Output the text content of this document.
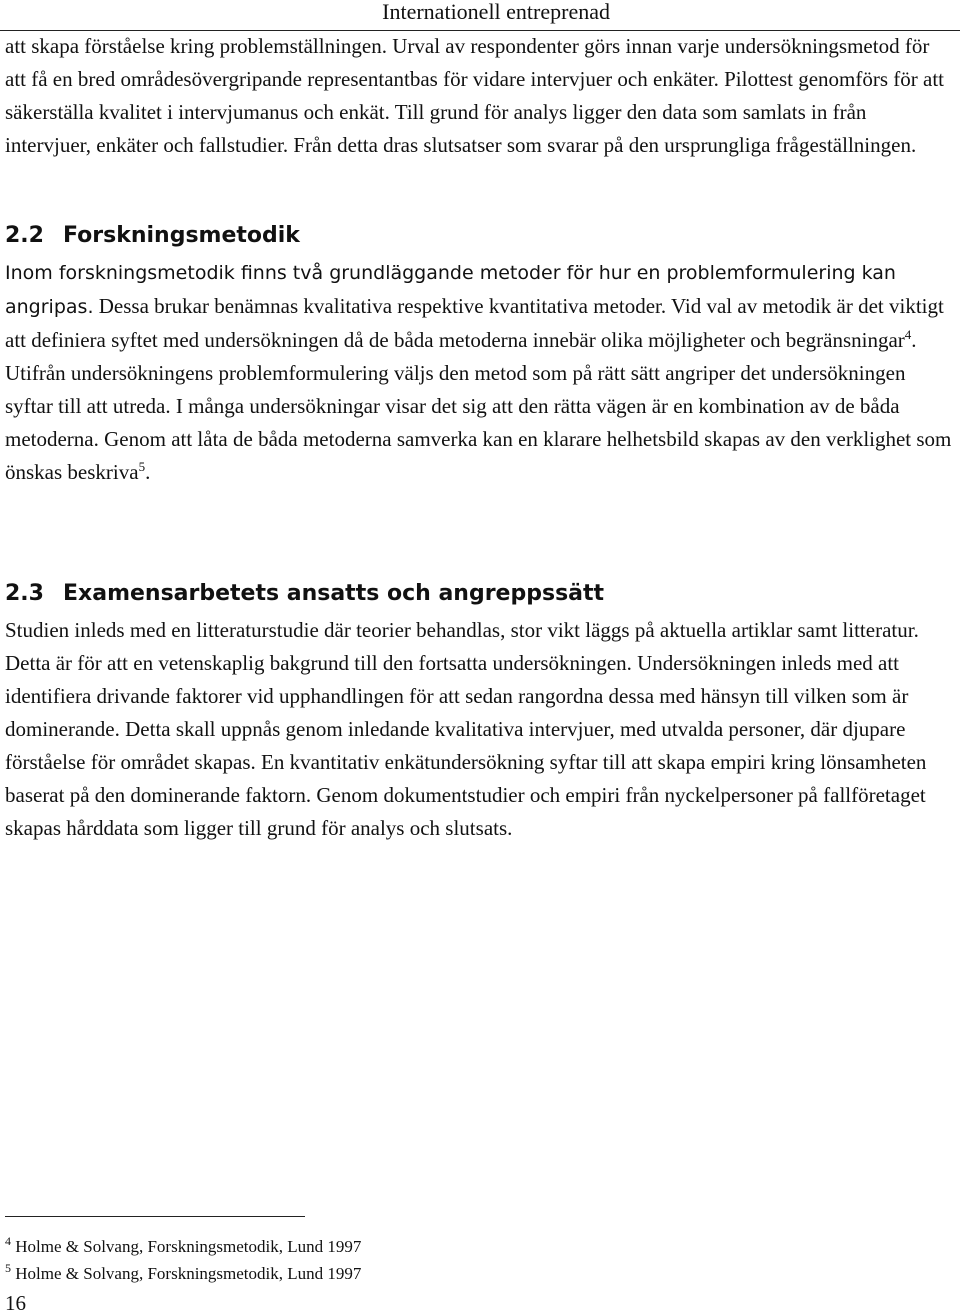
Internationell entreprenad

att skapa förståelse kring problemställningen. Urval av respondenter görs innan varje undersökningsmetod för att få en bred områdesövergripande representantbas för vidare intervjuer och enkäter. Pilottest genomförs för att säkerställa kvalitet i intervjumanus och enkät. Till grund för analys ligger den data som samlats in från intervjuer, enkäter och fallstudier. Från detta dras slutsatser som svarar på den ursprungliga frågeställningen.

2.2 Forskningsmetodik

Inom forskningsmetodik finns två grundläggande metoder för hur en problemformulering kan angripas. Dessa brukar benämnas kvalitativa respektive kvantitativa metoder. Vid val av metodik är det viktigt att definiera syftet med undersökningen då de båda metoderna innebär olika möjligheter och begränsningar$^4$. Utifrån undersökningens problemformulering väljs den metod som på rätt sätt angriper det undersökningen syftar till att utreda. I många undersökningar visar det sig att den rätta vägen är en kombination av de båda metoderna. Genom att låta de båda metoderna samverka kan en klarare helhetsbild skapas av den verklighet som önskas beskriva$^5$.

2.3 Examensarbetets ansatts och angreppssätt

Studien inleds med en litteraturstudie där teorier behandlas, stor vikt läggs på aktuella artiklar samt litteratur. Detta är för att en vetenskaplig bakgrund till den fortsatta undersökningen. Undersökningen inleds med att identifiera drivande faktorer vid upphandlingen för att sedan rangordna dessa med hänsyn till vilken som är dominerande. Detta skall uppnås genom inledande kvalitativa intervjuer, med utvalda personer, där djupare förståelse för området skapas. En kvantitativ enkätundersökning syftar till att skapa empiri kring lönsamheten baserat på den dominerande faktorn. Genom dokumentstudier och empiri från nyckelpersoner på fallföretaget skapas hårddata som ligger till grund för analys och slutsats.

$^4$ Holme & Solvang, Forskningsmetodik, Lund 1997
$^5$ Holme & Solvang, Forskningsmetodik, Lund 1997
16
